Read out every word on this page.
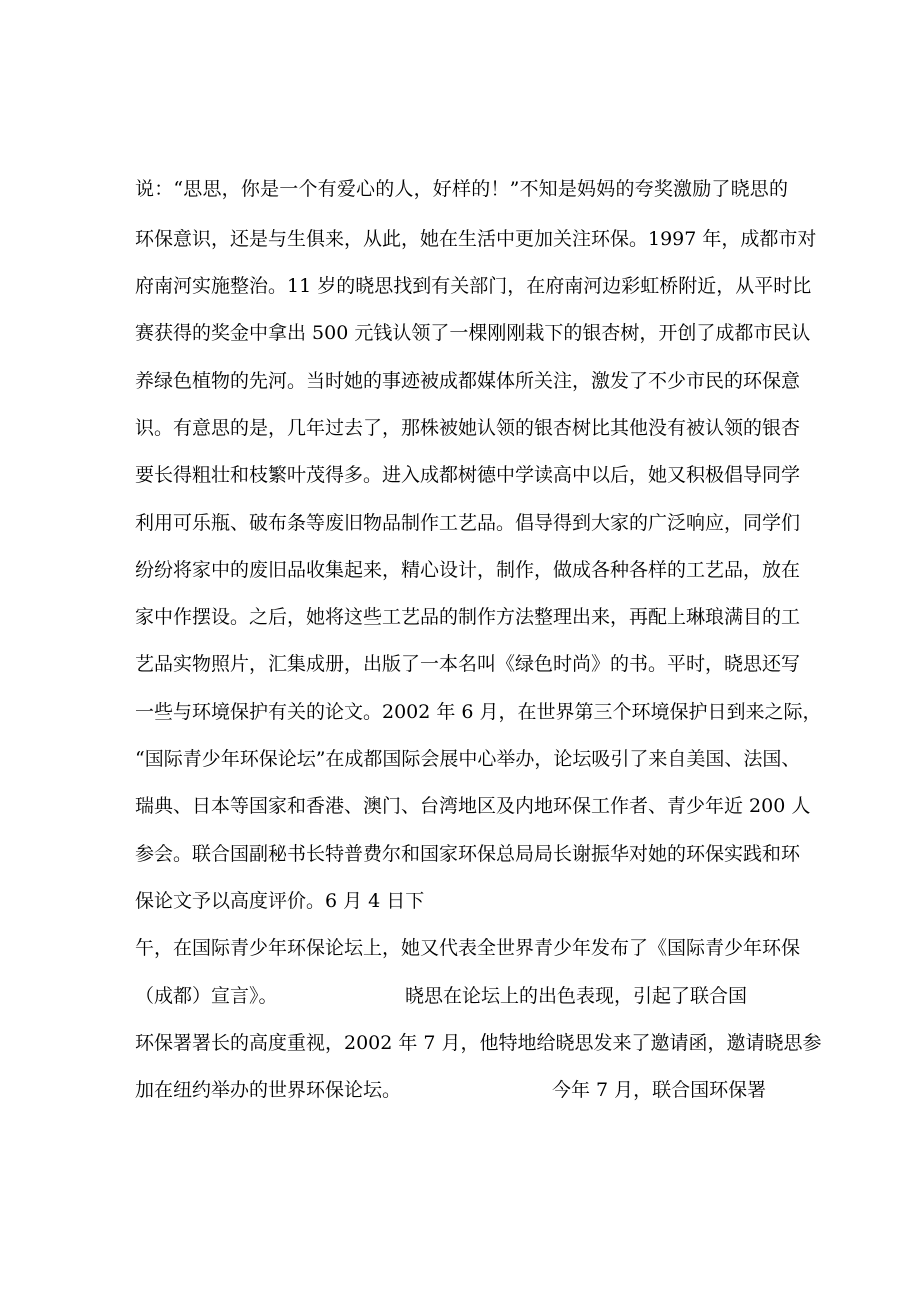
说：“思思，你是一个有爱心的人，好样的！”不知是妈妈的夸奖激励了晓思的
环保意识，还是与生俱来，从此，她在生活中更加关注环保。1997 年，成都市对
府南河实施整治。11 岁的晓思找到有关部门，在府南河边彩虹桥附近，从平时比
赛获得的奖金中拿出 500 元钱认领了一棵刚刚栽下的银杏树，开创了成都市民认
养绿色植物的先河。当时她的事迹被成都媒体所关注，激发了不少市民的环保意
识。有意思的是，几年过去了，那株被她认领的银杏树比其他没有被认领的银杏
要长得粗壮和枝繁叶茂得多。进入成都树德中学读高中以后，她又积极倡导同学
利用可乐瓶、破布条等废旧物品制作工艺品。倡导得到大家的广泛响应，同学们
纷纷将家中的废旧品收集起来，精心设计，制作，做成各种各样的工艺品，放在
家中作摆设。之后，她将这些工艺品的制作方法整理出来，再配上琳琅满目的工
艺品实物照片，汇集成册，出版了一本名叫《绿色时尚》的书。平时，晓思还写
一些与环境保护有关的论文。2002 年 6 月，在世界第三个环境保护日到来之际，
“国际青少年环保论坛”在成都国际会展中心举办，论坛吸引了来自美国、法国、
瑞典、日本等国家和香港、澳门、台湾地区及内地环保工作者、青少年近 200 人
参会。联合国副秘书长特普费尔和国家环保总局局长谢振华对她的环保实践和环
保论文予以高度评价。6 月 4 日下
午，在国际青少年环保论坛上，她又代表全世界青少年发布了《国际青少年环保
（成都）宣言》。	晓思在论坛上的出色表现，引起了联合国
环保署署长的高度重视，2002 年 7 月，他特地给晓思发来了邀请函，邀请晓思参
加在纽约举办的世界环保论坛。	今年 7 月，联合国环保署
